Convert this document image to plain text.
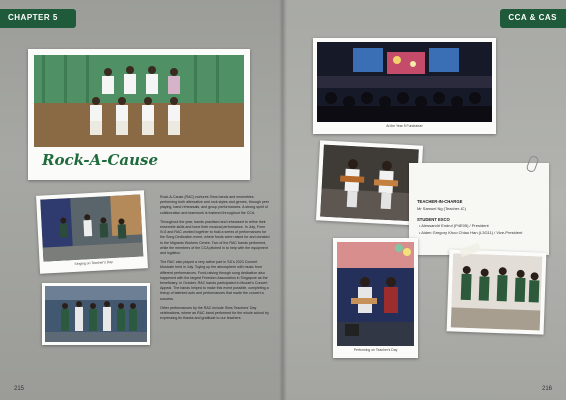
CHAPTER 5
Rock-A-Cause
Singing on Teacher's Day

Rock-A-Cause (RAC) nurtures Sims bands and ensembles performing both alternative and rock styles and genres, through peer playing, band rehearsals, and group performances. A strong spirit of collaboration and teamwork is fostered throughout the CCA.

Throughout the year, bands practised and rehearsed to refine their ensemble skills and hone their musical performance. In July, Form IV-6 and RAC worked together to hold a series of performances for the Song Dedication event, where funds were raised for and donated to the Migrants Workers Centre. Two of the RAC bands performed, while the members of the CCA pitched in to help with the equipment and logistics.

The RAC also played a very active part in SJI's 2023 Concert Musicale held in July. Toying up the atmosphere with music from different performances. Fund-raising through song dedication also happened with the largest Freedom Association in Singapore as the beneficiary. In October, RAC bands participated in Mozart's Concert Appeal. The bands helped to make this event possible, completing a lineup of talented acts and performances that made the concert a success.

Other performances by the RAC include Sims Teachers' Day celebrations, where an RAC band performed for the whole school by expressing its thanks and gratitude to our teachers.

215
CCA & CAS
216
At the Year 5 Fundraiser
TEACHER-IN-CHARGE
Mr Samuel Ng (Teacher-IC)
STUDENT EXCO
• Alessandri Endrul (P4E05) / President
• Aiden Gregory Khoo Chiao Han (L3G11) / Vice-President
Performing on Teacher's Day
